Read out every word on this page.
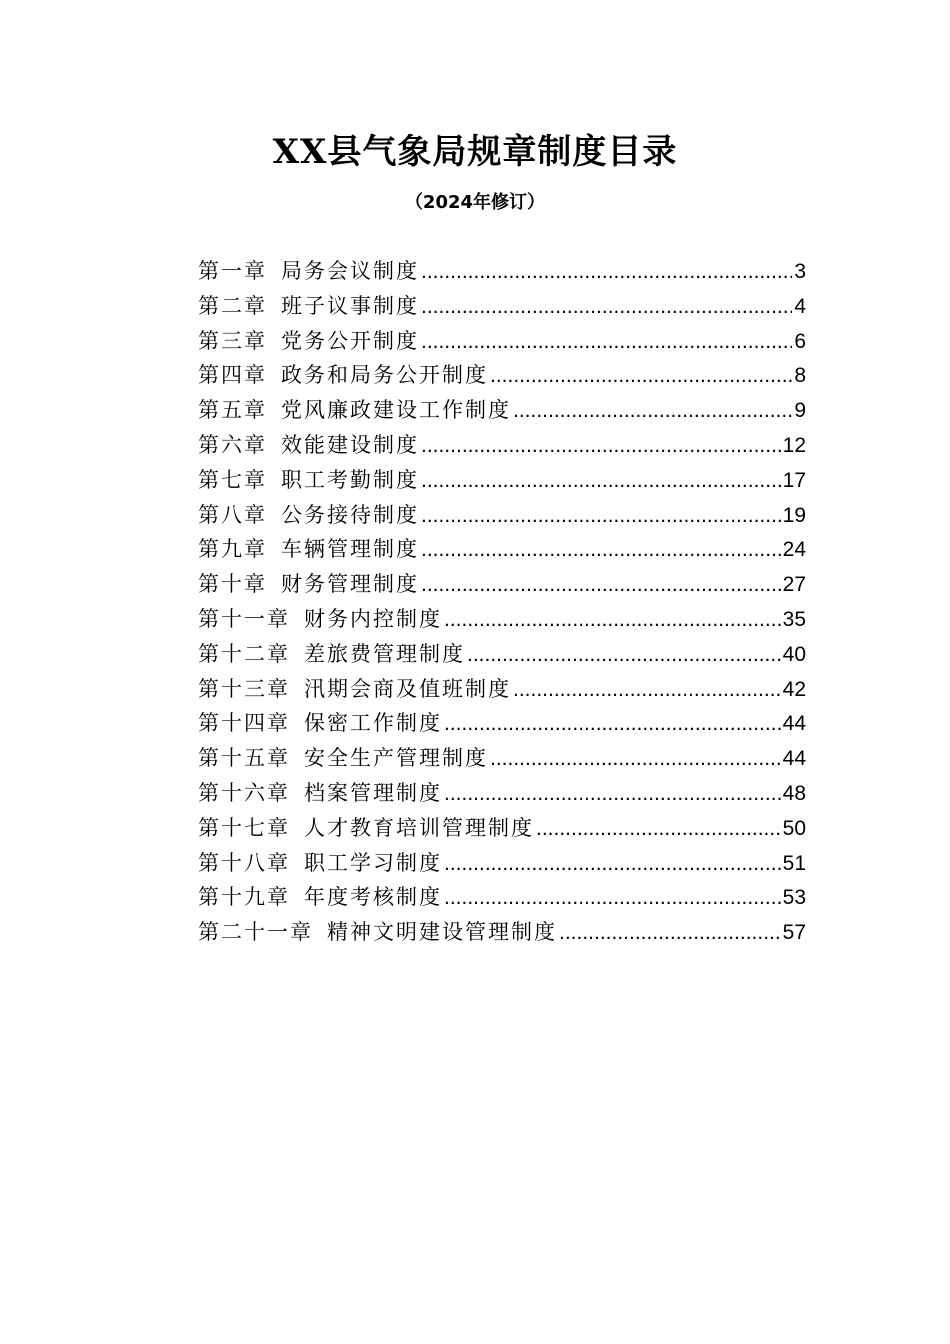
XX县气象局规章制度目录
（2024年修订）
第一章 局务会议制度 .....	3
第二章 班子议事制度 .....	4
第三章 党务公开制度 .....	6
第四章 政务和局务公开制度 .....	8
第五章 党风廉政建设工作制度 .....	9
第六章 效能建设制度 .....	12
第七章 职工考勤制度 .....	17
第八章 公务接待制度 .....	19
第九章 车辆管理制度 .....	24
第十章 财务管理制度 .....	27
第十一章 财务内控制度 .....	35
第十二章 差旅费管理制度 .....	40
第十三章 汛期会商及值班制度 .....	42
第十四章 保密工作制度 .....	44
第十五章 安全生产管理制度 .....	44
第十六章 档案管理制度 .....	48
第十七章 人才教育培训管理制度 .....	50
第十八章 职工学习制度 .....	51
第十九章 年度考核制度 .....	53
第二十一章 精神文明建设管理制度 .....	57
